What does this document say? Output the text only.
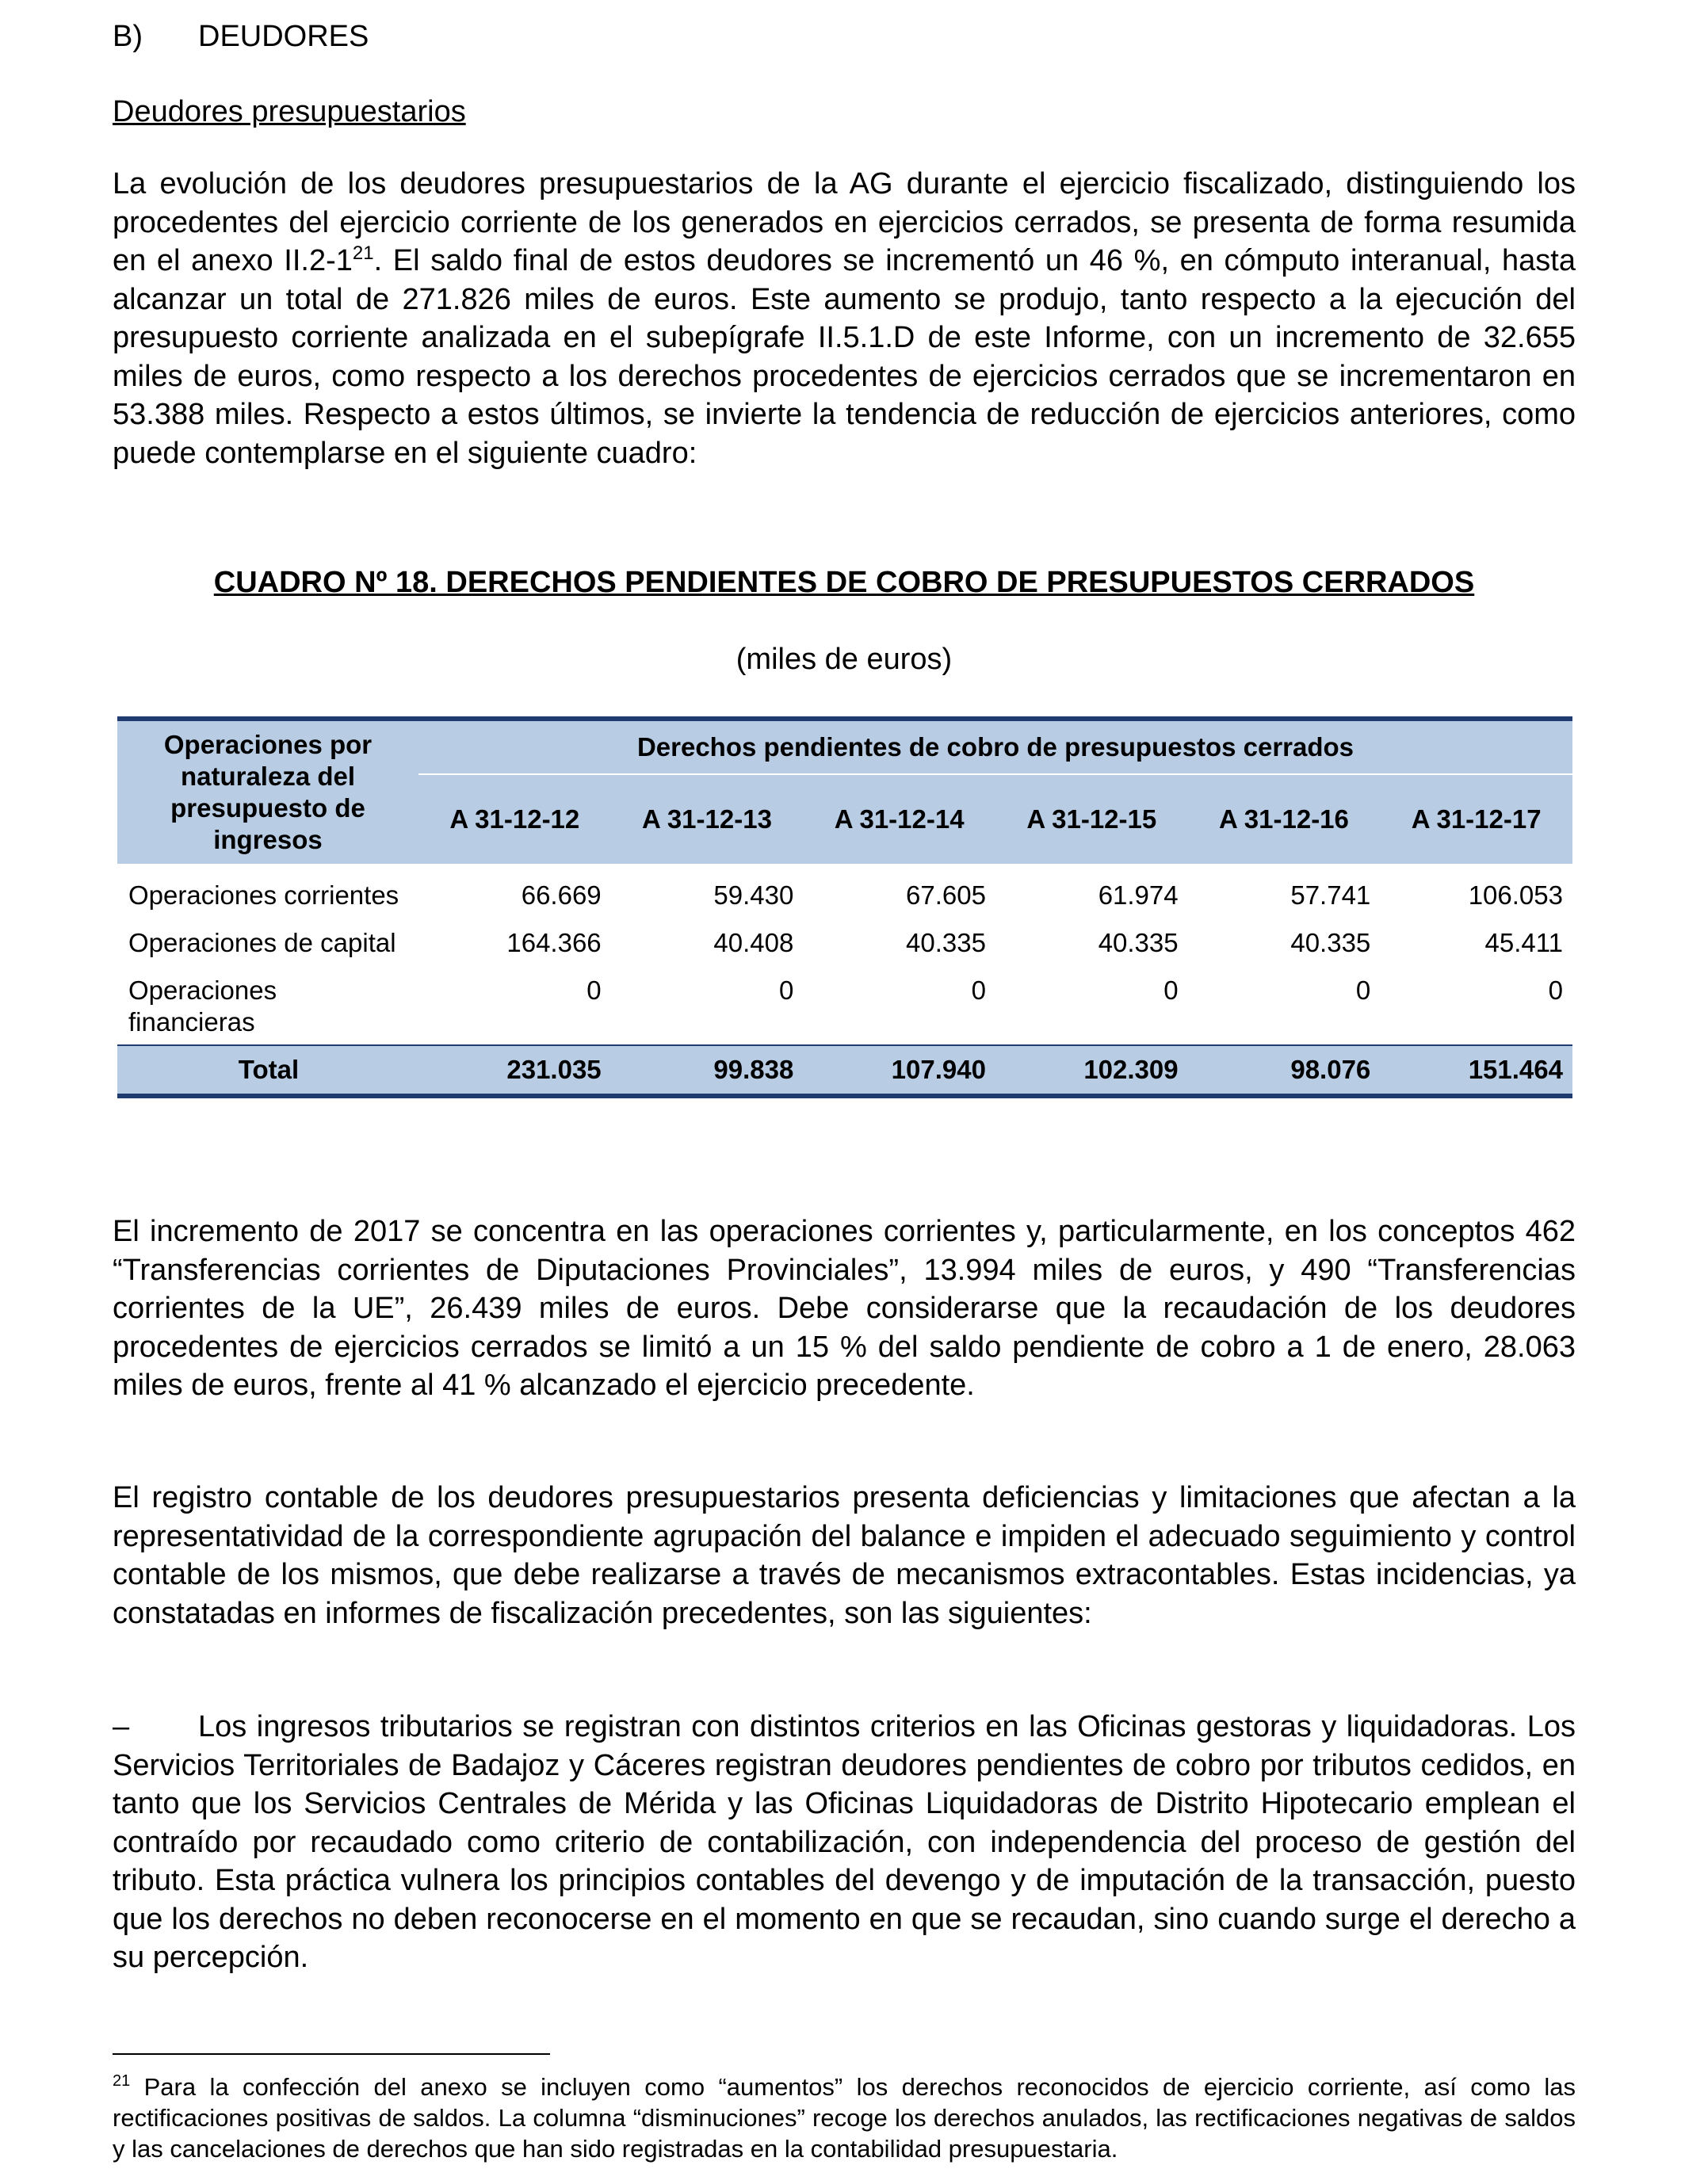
B) DEUDORES
Deudores presupuestarios

La evolución de los deudores presupuestarios de la AG durante el ejercicio fiscalizado, distinguiendo los procedentes del ejercicio corriente de los generados en ejercicios cerrados, se presenta de forma resumida en el anexo $II.2-1^{21}$. El saldo final de estos deudores se incrementó un 46 %, en cómputo interanual, hasta alcanzar un total de 271.826 miles de euros. Este aumento se produjo, tanto respecto a la ejecución del presupuesto corriente analizada en el subepígrafe II.5.1.D de este Informe, con un incremento de 32.655 miles de euros, como respecto a los derechos procedentes de ejercicios cerrados que se incrementaron en 53.388 miles. Respecto a estos últimos, se invierte la tendencia de reducción de ejercicios anteriores, como puede contemplarse en el siguiente cuadro:

CUADRO Nº 18. DERECHOS PENDIENTES DE COBRO DE PRESUPUESTOS CERRADOS
(miles de euros)
Operaciones por naturaleza del presupuesto de ingresos	Derechos pendientes de cobro de presupuestos cerrados					
	A 31-12-12	A 31-12-13	A 31-12-14	A 31-12-15	A 31-12-16	A 31-12-17
Operaciones corrientes	66.669	59.430	67.605	61.974	57.741	106.053
Operaciones de capital	164.366	40.408	40.335	40.335	40.335	45.411
Operaciones financieras	0	0	0	0	0	0
Total	231.035	99.838	107.940	102.309	98.076	151.464

El incremento de 2017 se concentra en las operaciones corrientes y, particularmente, en los conceptos 462 “Transferencias corrientes de Diputaciones Provinciales”, 13.994 miles de euros, y 490 “Transferencias corrientes de la UE”, 26.439 miles de euros. Debe considerarse que la recaudación de los deudores procedentes de ejercicios cerrados se limitó a un 15 % del saldo pendiente de cobro a 1 de enero, 28.063 miles de euros, frente al 41 % alcanzado el ejercicio precedente.

El registro contable de los deudores presupuestarios presenta deficiencias y limitaciones que afectan a la representatividad de la correspondiente agrupación del balance e impiden el adecuado seguimiento y control contable de los mismos, que debe realizarse a través de mecanismos extracontables. Estas incidencias, ya constatadas en informes de fiscalización precedentes, son las siguientes:

– Los ingresos tributarios se registran con distintos criterios en las Oficinas gestoras y liquidadoras. Los Servicios Territoriales de Badajoz y Cáceres registran deudores pendientes de cobro por tributos cedidos, en tanto que los Servicios Centrales de Mérida y las Oficinas Liquidadoras de Distrito Hipotecario emplean el contraído por recaudado como criterio de contabilización, con independencia del proceso de gestión del tributo. Esta práctica vulnera los principios contables del devengo y de imputación de la transacción, puesto que los derechos no deben reconocerse en el momento en que se recaudan, sino cuando surge el derecho a su percepción.

$^{21}$ Para la confección del anexo se incluyen como “aumentos” los derechos reconocidos de ejercicio corriente, así como las rectificaciones positivas de saldos. La columna “disminuciones” recoge los derechos anulados, las rectificaciones negativas de saldos y las cancelaciones de derechos que han sido registradas en la contabilidad presupuestaria.
